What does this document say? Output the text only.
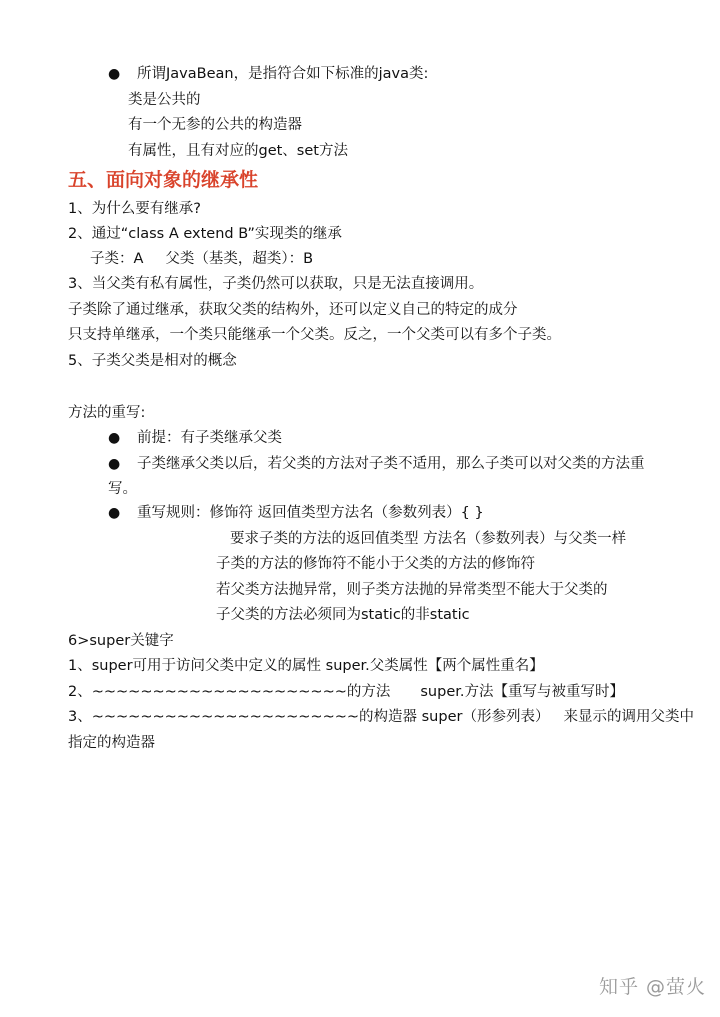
● 所谓JavaBean，是指符合如下标准的java类:
类是公共的
有一个无参的公共的构造器
有属性，且有对应的get、set方法
五、面向对象的继承性
1、为什么要有继承?
2、通过“class A extend B”实现类的继承
子类：A 父类（基类，超类）：B
3、当父类有私有属性，子类仍然可以获取，只是无法直接调用。
子类除了通过继承，获取父类的结构外，还可以定义自己的特定的成分
只支持单继承，一个类只能继承一个父类。反之，一个父类可以有多个子类。
5、子类父类是相对的概念
方法的重写:
● 前提：有子类继承父类
● 子类继承父类以后，若父类的方法对子类不适用，那么子类可以对父类的方法重
写。
● 重写规则：修饰符 返回值类型方法名（参数列表）{ }
要求子类的方法的返回值类型 方法名（参数列表）与父类一样
子类的方法的修饰符不能小于父类的方法的修饰符
若父类方法抛异常，则子类方法抛的异常类型不能大于父类的
子父类的方法必须同为static的非static
6>super关键字
1、super可用于访问父类中定义的属性 super.父类属性【两个属性重名】
2、~~~~~~~~~~~~~~~~~~~~~的方法 super.方法【重写与被重写时】
3、~~~~~~~~~~~~~~~~~~~~~~的构造器 super（形参列表） 来显示的调用父类中
指定的构造器
知乎 @萤火
